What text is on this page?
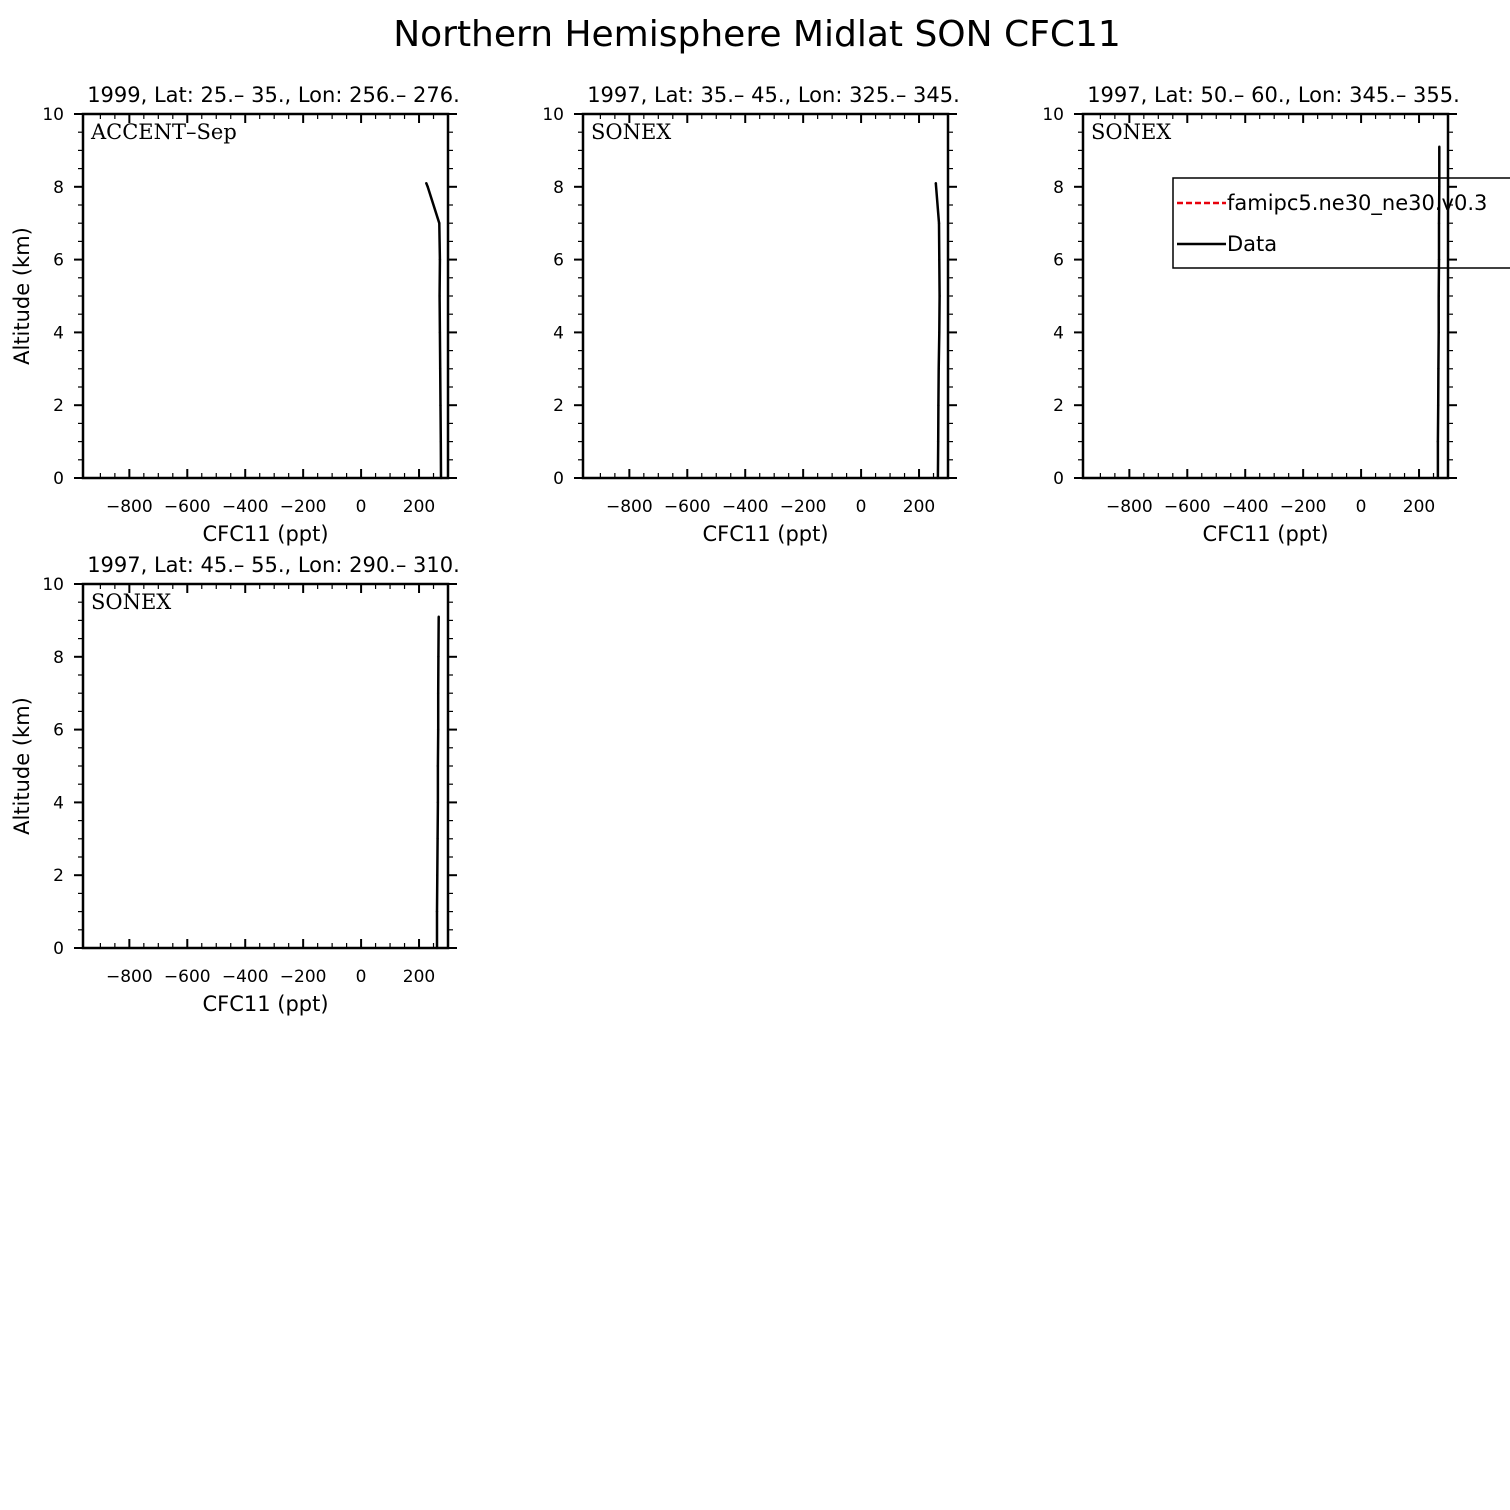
Northern Hemisphere Midlat SON CFC11
1999, Lat: 25.– 35., Lon: 256.– 276.
−800 −600 −400 −200 0 200
0
2
4
6
8
10
CFC11 (ppt)
Altitude (km)
ACCENT–Sep
1997, Lat: 35.– 45., Lon: 325.– 345.
−800 −600 −400 −200 0 200
0
2
4
6
8
10
CFC11 (ppt)
SONEX
1997, Lat: 50.– 60., Lon: 345.– 355.
−800 −600 −400 −200 0 200
0
2
4
6
8
10
CFC11 (ppt)
SONEX
famipc5.ne30_ne30.v0.3
Data
1997, Lat: 45.– 55., Lon: 290.– 310.
−800 −600 −400 −200 0 200
0
2
4
6
8
10
CFC11 (ppt)
Altitude (km)
SONEX
